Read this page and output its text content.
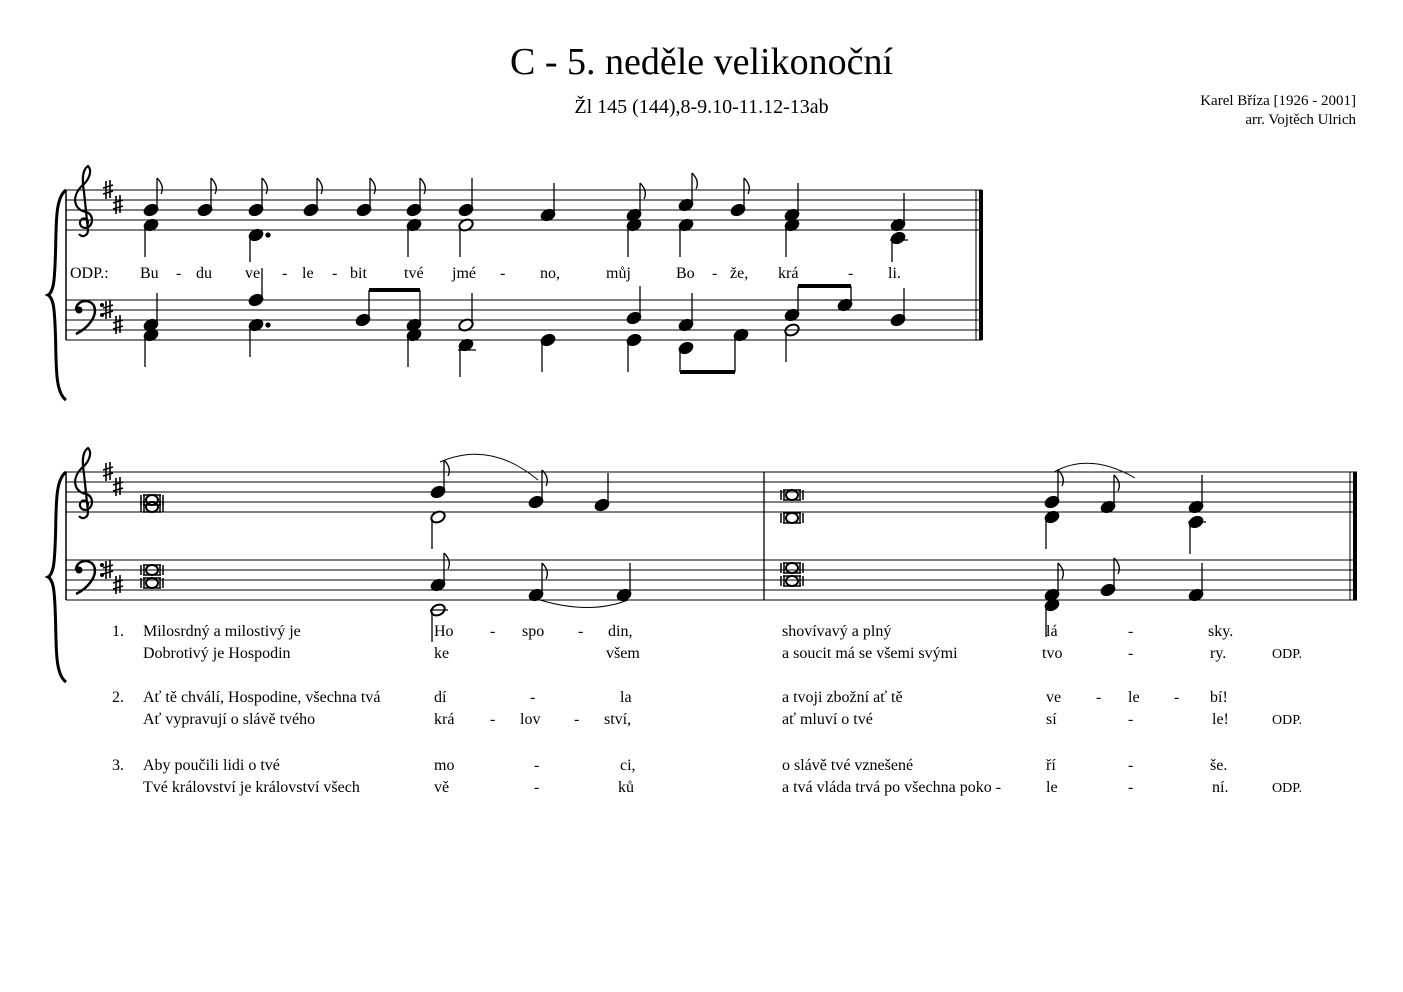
C - 5. neděle velikonoční
Žl 145 (144),8-9.10-11.12-13ab	Karel Bříza [1926 - 2001]
arr. Vojtěch Ulrich
ODP.: Bu - du ve - le - bit tvé jmé - no,	můj	Bo - že, krá	- li.
1. Milosrdný a milostivý je	Ho - spo - din,	shovívavý a plný	lá	-	sky.
Dobrotivý je Hospodin	ke	všem	a soucit má se všemi svými	tvo	-	ry.	ODP.
2. Ať tě chválí, Hospodine, všechna tvá	dí	-	la	a tvoji zbožní ať tě	ve - le - bí!
Ať vypravují o slávě tvého	krá - lov - ství,	ať mluví o tvé	sí	-	le!	ODP.
3. Aby poučili lidi o tvé	mo	-	ci,	o slávě tvé vznešené	ří	-	še.
Tvé království je království všech	vě	-	ků	a tvá vláda trvá po všechna poko -	le	-	ní.	ODP.
